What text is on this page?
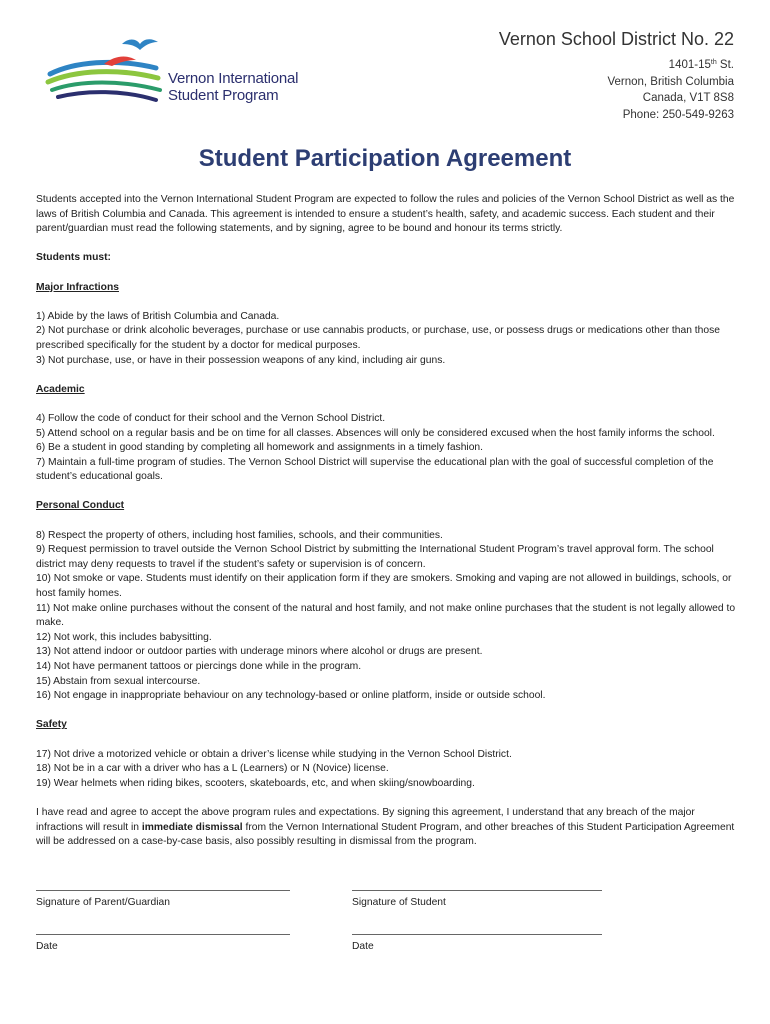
Vernon International
Student Program
Vernon School District No. 22
1401-15th St.
Vernon, British Columbia
Canada, V1T 8S8
Phone: 250-549-9263
Student Participation Agreement

Students accepted into the Vernon International Student Program are expected to follow the rules and policies of the Vernon School District as well as the laws of British Columbia and Canada. This agreement is intended to ensure a student’s health, safety, and academic success. Each student and their parent/guardian must read the following statements, and by signing, agree to be bound and honour its terms strictly.

Students must:

Major Infractions

1) Abide by the laws of British Columbia and Canada.

2) Not purchase or drink alcoholic beverages, purchase or use cannabis products, or purchase, use, or possess drugs or medications other than those prescribed specifically for the student by a doctor for medical purposes.

3) Not purchase, use, or have in their possession weapons of any kind, including air guns.

Academic

4) Follow the code of conduct for their school and the Vernon School District.

5) Attend school on a regular basis and be on time for all classes. Absences will only be considered excused when the host family informs the school.

6) Be a student in good standing by completing all homework and assignments in a timely fashion.

7) Maintain a full-time program of studies. The Vernon School District will supervise the educational plan with the goal of successful completion of the student’s educational goals.

Personal Conduct

8) Respect the property of others, including host families, schools, and their communities.

9) Request permission to travel outside the Vernon School District by submitting the International Student Program’s travel approval form. The school district may deny requests to travel if the student’s safety or supervision is of concern.

10) Not smoke or vape. Students must identify on their application form if they are smokers. Smoking and vaping are not allowed in buildings, schools, or host family homes.

11) Not make online purchases without the consent of the natural and host family, and not make online purchases that the student is not legally allowed to make.

12) Not work, this includes babysitting.

13) Not attend indoor or outdoor parties with underage minors where alcohol or drugs are present.

14) Not have permanent tattoos or piercings done while in the program.

15) Abstain from sexual intercourse.

16) Not engage in inappropriate behaviour on any technology-based or online platform, inside or outside school.

Safety

17) Not drive a motorized vehicle or obtain a driver’s license while studying in the Vernon School District.

18) Not be in a car with a driver who has a L (Learners) or N (Novice) license.

19) Wear helmets when riding bikes, scooters, skateboards, etc, and when skiing/snowboarding.

I have read and agree to accept the above program rules and expectations. By signing this agreement, I understand that any breach of the major infractions will result in immediate dismissal from the Vernon International Student Program, and other breaches of this Student Participation Agreement will be addressed on a case-by-case basis, also possibly resulting in dismissal from the program.

Signature of Parent/Guardian	Signature of Student
Date	Date
